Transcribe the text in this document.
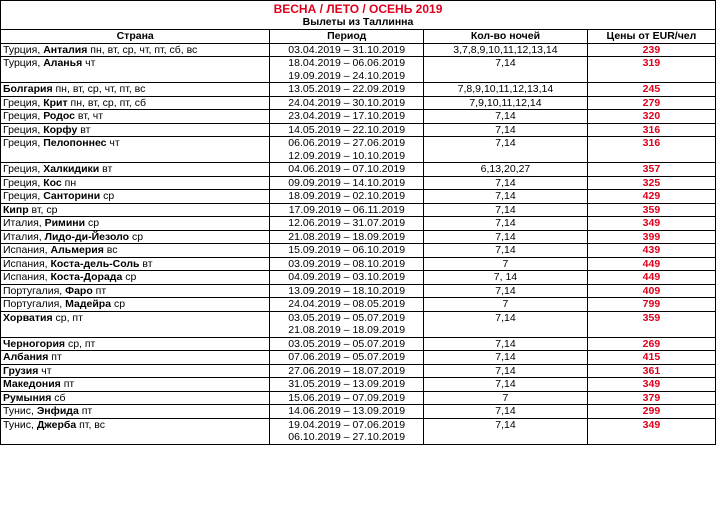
ВЕСНА / ЛЕТО / ОСЕНЬ 2019			
Вылеты из Таллинна			
Страна	Период	Кол-во ночей	Цены от EUR/чел
Турция, Анталия пн, вт, ср, чт, пт, сб, вс	03.04.2019 – 31.10.2019	3,7,8,9,10,11,12,13,14	239
Турция, Аланья чт	18.04.2019 – 06.06.2019
19.09.2019 – 24.10.2019	7,14	319
Болгария пн, вт, ср, чт, пт, вс	13.05.2019 – 22.09.2019	7,8,9,10,11,12,13,14	245
Греция, Крит пн, вт, ср, пт, сб	24.04.2019 – 30.10.2019	7,9,10,11,12,14	279
Греция, Родос вт, чт	23.04.2019 – 17.10.2019	7,14	320
Греция, Корфу вт	14.05.2019 – 22.10.2019	7,14	316
Греция, Пелопоннес чт	06.06.2019 – 27.06.2019
12.09.2019 – 10.10.2019	7,14	316
Греция, Халкидики вт	04.06.2019 – 07.10.2019	6,13,20,27	357
Греция, Кос пн	09.09.2019 – 14.10.2019	7,14	325
Греция, Санторини ср	18.09.2019 – 02.10.2019	7,14	429
Кипр вт, ср	17.09.2019 – 06.11.2019	7,14	359
Италия, Римини ср	12.06.2019 – 31.07.2019	7,14	349
Италия, Лидо-ди-Йезоло ср	21.08.2019 – 18.09.2019	7,14	399
Испания, Альмерия вс	15.09.2019 – 06.10.2019	7,14	439
Испания, Коста-дель-Соль вт	03.09.2019 – 08.10.2019	7	449
Испания, Коста-Дорада ср	04.09.2019 – 03.10.2019	7, 14	449
Португалия, Фаро пт	13.09.2019 – 18.10.2019	7,14	409
Португалия, Мадейра ср	24.04.2019 – 08.05.2019	7	799
Хорватия ср, пт	03.05.2019 – 05.07.2019
21.08.2019 – 18.09.2019	7,14	359
Черногория ср, пт	03.05.2019 – 05.07.2019	7,14	269
Албания пт	07.06.2019 – 05.07.2019	7,14	415
Грузия чт	27.06.2019 – 18.07.2019	7,14	361
Македония пт	31.05.2019 – 13.09.2019	7,14	349
Румыния сб	15.06.2019 – 07.09.2019	7	379
Тунис, Энфида пт	14.06.2019 – 13.09.2019	7,14	299
Тунис, Джерба пт, вс	19.04.2019 – 07.06.2019
06.10.2019 – 27.10.2019	7,14	349
